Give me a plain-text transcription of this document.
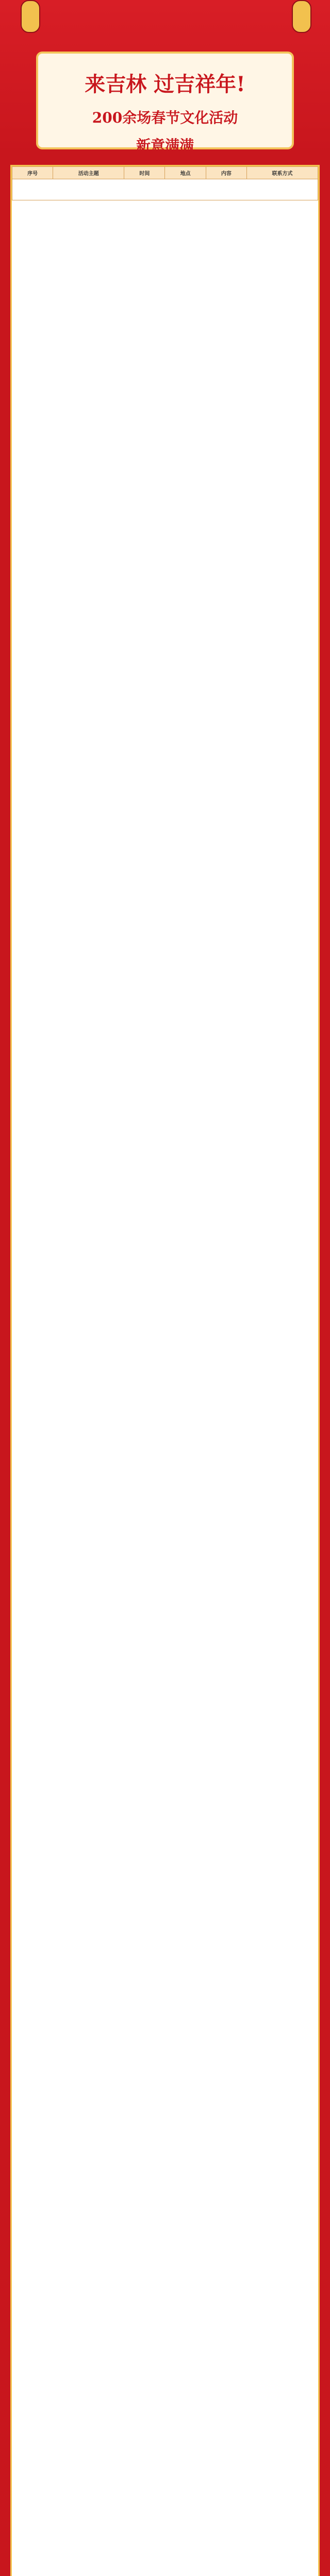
来吉林 过吉祥年!
200余场春节文化活动
新意满满
序号	活动主题	时间	地点	内容	联系方式
